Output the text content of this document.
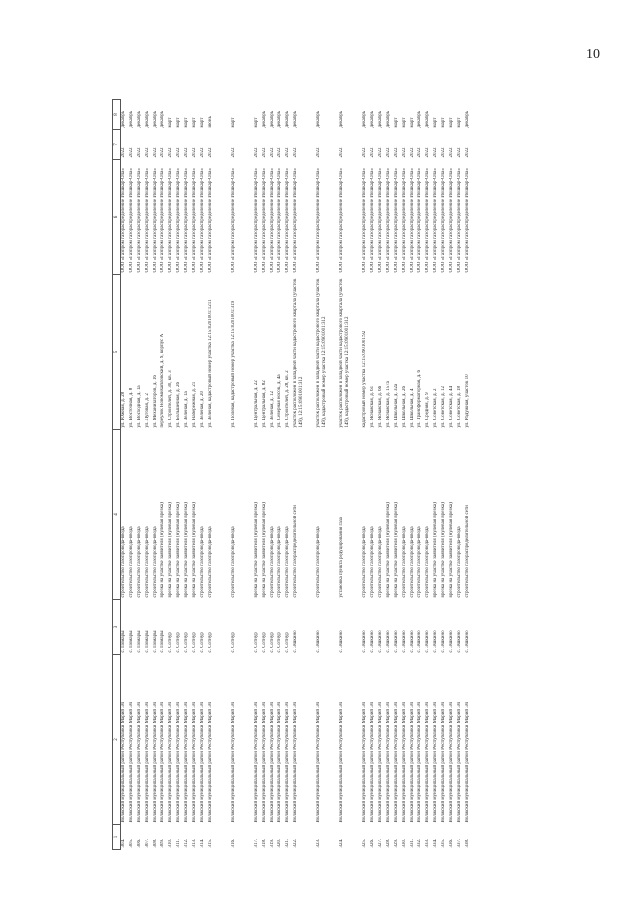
10
1	2	3	4	5	6	7	8
304.	Волжский муниципальный район Республики Марий Эл	с. Помары	строительство газопровода-ввода	ул. Южная, д. 28	ООО «Газпром газораспределение Йошкар-Ола»	2022	декабрь
305.	Волжский муниципальный район Республики Марий Эл	с. Помары	строительство газопровода-ввода	ул. Восточная, д. 8	ООО «Газпром газораспределение Йошкар-Ола»	2022	декабрь
306.	Волжский муниципальный район Республики Марий Эл	с. Помары	строительство газопровода-ввода	ул. Восходная, д. 1а	ООО «Газпром газораспределение Йошкар-Ола»	2022	декабрь
307.	Волжский муниципальный район Республики Марий Эл	с. Помары	строительство газопровода-ввода	ул. Луговая, д. 2	ООО «Газпром газораспределение Йошкар-Ола»	2022	декабрь
308.	Волжский муниципальный район Республики Марий Эл	с. Помары	строительство газопровода-ввода	ул. Механизаторов, д. 16	ООО «Газпром газораспределение Йошкар-Ола»	2022	декабрь
309.	Волжский муниципальный район Республики Марий Эл	с. Помары	врезка на участке заявителя (нулевая врезка)	переулок Новомихайловский, д. 9, корпус А	ООО «Газпром газораспределение Йошкар-Ола»	2022	декабрь
310.	Волжский муниципальный район Республики Марий Эл	с. Сотнур	врезка на участке заявителя (нулевая врезка)	ул. Строителей, д. 30, кв. 3	ООО «Газпром газораспределение Йошкар-Ола»	2022	март
311.	Волжский муниципальный район Республики Марий Эл	с. Сотнур	врезка на участке заявителя (нулевая врезка)	ул. Большечная, д. 26	ООО «Газпром газораспределение Йошкар-Ола»	2022	март
312.	Волжский муниципальный район Республики Марий Эл	с. Сотнур	врезка на участке заявителя (нулевая врезка)	ул. Зеленая, д. 1а	ООО «Газпром газораспределение Йошкар-Ола»	2022	март
313.	Волжский муниципальный район Республики Марий Эл	с. Сотнур	врезка на участке заявителя (нулевая врезка)	ул. Набережная, д. 21	ООО «Газпром газораспределение Йошкар-Ола»	2022	март
314.	Волжский муниципальный район Республики Марий Эл	с. Сотнур	строительство газопровода-ввода	ул. Зеленая, д. 20	ООО «Газпром газораспределение Йошкар-Ола»	2022	март
315.	Волжский муниципальный район Республики Марий Эл	с. Сотнур	строительство газопровода-ввода	ул. Зеленая, кадастровый номер участка 12:15:0201001:1211	ООО «Газпром газораспределение Йошкар-Ола»	2022	июнь
316.	Волжский муниципальный район Республики Марий Эл	с. Сотнур	строительство газопровода-ввода	ул. Полевая, кадастровый номер участка 12:15:0201001:319	ООО «Газпром газораспределение Йошкар-Ола»	2022	март
317.	Волжский муниципальный район Республики Марий Эл	с. Сотнур	врезка на участке заявителя (нулевая врезка)	ул. Центральная, д. 22	ООО «Газпром газораспределение Йошкар-Ола»	2022	март
318.	Волжский муниципальный район Республики Марий Эл	с. Сотнур	врезка на участке заявителя (нулевая врезка)	ул. Центральная, д. 82	ООО «Газпром газораспределение Йошкар-Ола»	2022	декабрь
319.	Волжский муниципальный район Республики Марий Эл	с. Сотнур	строительство газопровода-ввода	ул. Зеленая, д. 12	ООО «Газпром газораспределение Йошкар-Ола»	2022	декабрь
320.	Волжский муниципальный район Республики Марий Эл	с. Сотнур	строительство газопровода-ввода	ул. Северная носок, д. 4а	ООО «Газпром газораспределение Йошкар-Ола»	2022	декабрь
321.	Волжский муниципальный район Республики Марий Эл	с. Сотнур	строительство газопровода-ввода	ул. Строителей, д. 28, кв. 2	ООО «Газпром газораспределение Йошкар-Ола»	2022	декабрь
322.	Волжский муниципальный район Республики Марий Эл	с. Эшкино	строительство газораспределительной сети	участок расположен в западной части кадастрового квартала (участок 149), 12:15:0901001:312	ООО «Газпром газораспределение Йошкар-Ола»	2022	декабрь
323.	Волжский муниципальный район Республики Марий Эл	с. Эшкино	строительство газопровода-ввода	участок расположен в западной части кадастрового квартала (участок 149), кадастровый номер участка 12:15:0901001:312	ООО «Газпром газораспределение Йошкар-Ола»	2022	декабрь
324.	Волжский муниципальный район Республики Марий Эл	с. Эшкино	установка пункта редуцирования газа	участок расположен в западной части кадастрового квартала (участок 149), кадастровый номер участка 12:15:0901001:312	ООО «Газпром газораспределение Йошкар-Ола»	2022	декабрь
325.	Волжский муниципальный район Республики Марий Эл	с. Эшкино	строительство газопровода-ввода	кадастровый номер участка 12:15:0901001:92	ООО «Газпром газораспределение Йошкар-Ола»	2022	декабрь
326.	Волжский муниципальный район Республики Марий Эл	с. Эшкино	строительство газопровода-ввода	ул. Яснаяская, д. 61	ООО «Газпром газораспределение Йошкар-Ола»	2022	декабрь
327.	Волжский муниципальный район Республики Марий Эл	с. Эшкино	строительство газопровода-ввода	ул. Яснаяская, д. 66	ООО «Газпром газораспределение Йошкар-Ола»	2022	декабрь
328.	Волжский муниципальный район Республики Марий Эл	с. Эшкино	врезка на участке заявителя (нулевая врезка)	ул. Яснаяская, д. 157а	ООО «Газпром газораспределение Йошкар-Ола»	2022	декабрь
329.	Волжский муниципальный район Республики Марий Эл	с. Эшкино	врезка на участке заявителя (нулевая врезка)	ул. Школьная, д. 32а	ООО «Газпром газораспределение Йошкар-Ола»	2022	март
330.	Волжский муниципальный район Республики Марий Эл	с. Эшкино	строительство газопровода-ввода	ул. Школьная, д. 26	ООО «Газпром газораспределение Йошкар-Ола»	2022	март
331.	Волжский муниципальный район Республики Марий Эл	с. Эшкино	строительство газопровода-ввода	ул. Школьная, д. 4	ООО «Газпром газораспределение Йошкар-Ола»	2022	март
332.	Волжский муниципальный район Республики Марий Эл	с. Эшкино	строительство газопровода-ввода	ул. Трансформаторная, д. 6	ООО «Газпром газораспределение Йошкар-Ола»	2022	декабрь
333.	Волжский муниципальный район Республики Марий Эл	с. Эшкино	строительство газопровода-ввода	ул. Средняя, д. 9	ООО «Газпром газораспределение Йошкар-Ола»	2022	декабрь
334.	Волжский муниципальный район Республики Марий Эл	с. Эшкино	врезка на участке заявителя (нулевая врезка)	ул. Советская, д. 2	ООО «Газпром газораспределение Йошкар-Ола»	2022	март
335.	Волжский муниципальный район Республики Марий Эл	с. Эшкино	врезка на участке заявителя (нулевая врезка)	ул. Советская, д. 12	ООО «Газпром газораспределение Йошкар-Ола»	2022	март
336.	Волжский муниципальный район Республики Марий Эл	с. Эшкино	врезка на участке заявителя (нулевая врезка)	ул. Советская, д. 44	ООО «Газпром газораспределение Йошкар-Ола»	2022	март
337.	Волжский муниципальный район Республики Марий Эл	с. Эшкино	строительство газопровода-ввода	ул. Советская, д. 18	ООО «Газпром газораспределение Йошкар-Ола»	2022	март
338.	Волжский муниципальный район Республики Марий Эл	с. Эшкино	строительство газораспределительной сети	ул. Радужная, участок 10	ООО «Газпром газораспределение Йошкар-Ола»	2022	декабрь
